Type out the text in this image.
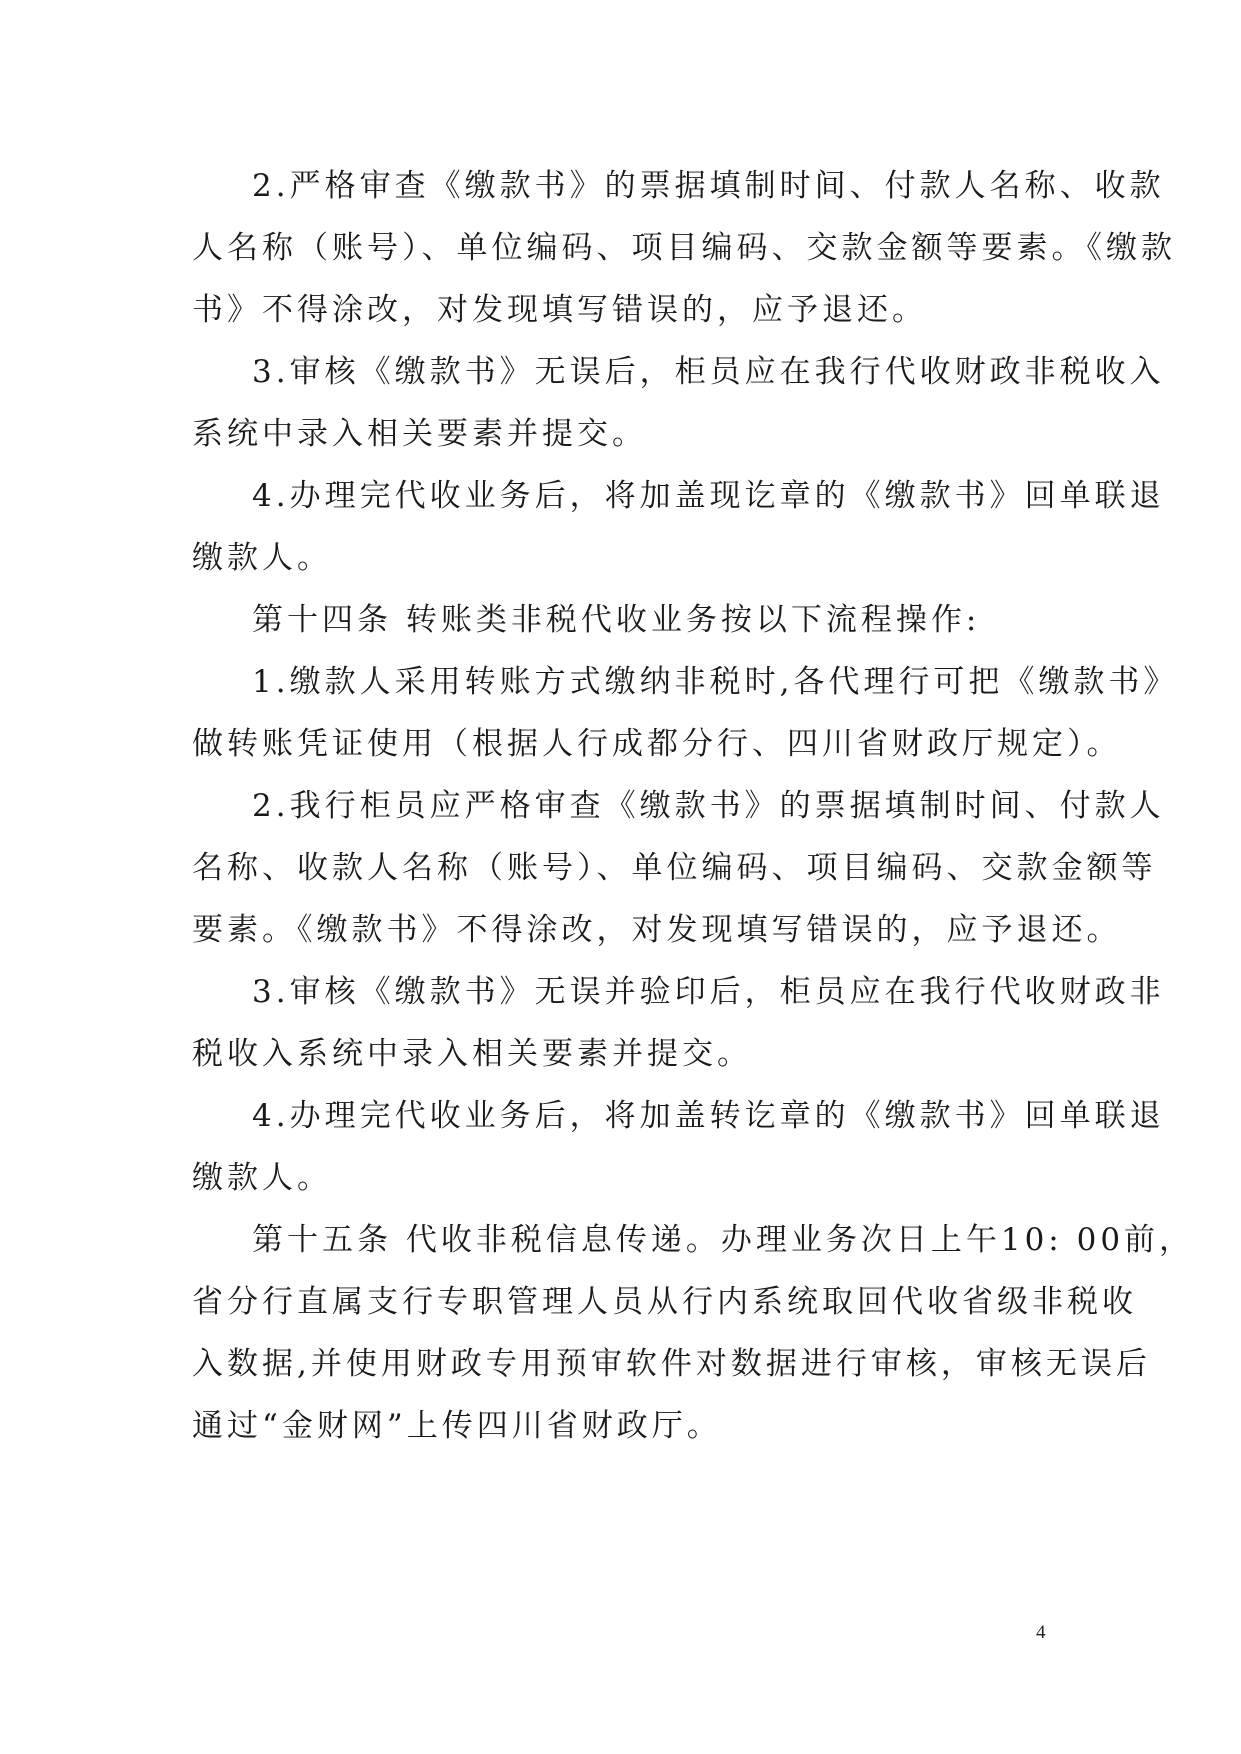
2.严格审查《缴款书》的票据填制时间、付款人名称、收款
人名称（账号）、单位编码、项目编码、交款金额等要素。《缴款
书》不得涂改，对发现填写错误的，应予退还。
3.审核《缴款书》无误后，柜员应在我行代收财政非税收入
系统中录入相关要素并提交。
4.办理完代收业务后，将加盖现讫章的《缴款书》回单联退
缴款人。
第十四条 转账类非税代收业务按以下流程操作:
1.缴款人采用转账方式缴纳非税时,各代理行可把《缴款书》
做转账凭证使用（根据人行成都分行、四川省财政厅规定）。
2.我行柜员应严格审查《缴款书》的票据填制时间、付款人
名称、收款人名称（账号）、单位编码、项目编码、交款金额等
要素。《缴款书》不得涂改，对发现填写错误的，应予退还。
3.审核《缴款书》无误并验印后，柜员应在我行代收财政非
税收入系统中录入相关要素并提交。
4.办理完代收业务后，将加盖转讫章的《缴款书》回单联退
缴款人。
第十五条 代收非税信息传递。办理业务次日上午10: 00前，
省分行直属支行专职管理人员从行内系统取回代收省级非税收
入数据,并使用财政专用预审软件对数据进行审核，审核无误后
通过“金财网”上传四川省财政厅。
4
